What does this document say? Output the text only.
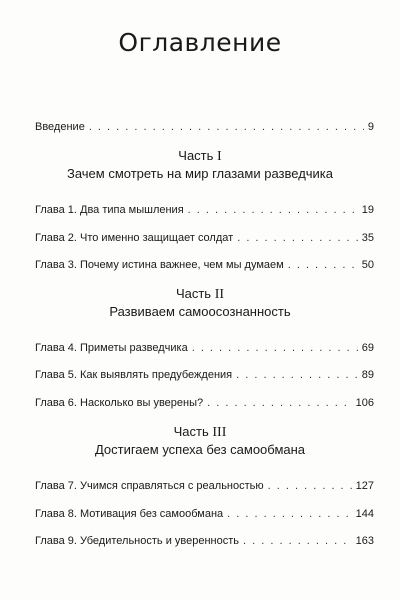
Оглавление
Введение . . .	9
Часть I
Зачем смотреть на мир глазами разведчика
Глава 1. Два типа мышления . . .	19
Глава 2. Что именно защищает солдат . . .	35
Глава 3. Почему истина важнее, чем мы думаем . . .	50
Часть II
Развиваем самоосознанность
Глава 4. Приметы разведчика . . .	69
Глава 5. Как выявлять предубеждения . . .	89
Глава 6. Насколько вы уверены? . . .	106
Часть III
Достигаем успеха без самообмана
Глава 7. Учимся справляться с реальностью . . .	127
Глава 8. Мотивация без самообмана . . .	144
Глава 9. Убедительность и уверенность . . .	163
